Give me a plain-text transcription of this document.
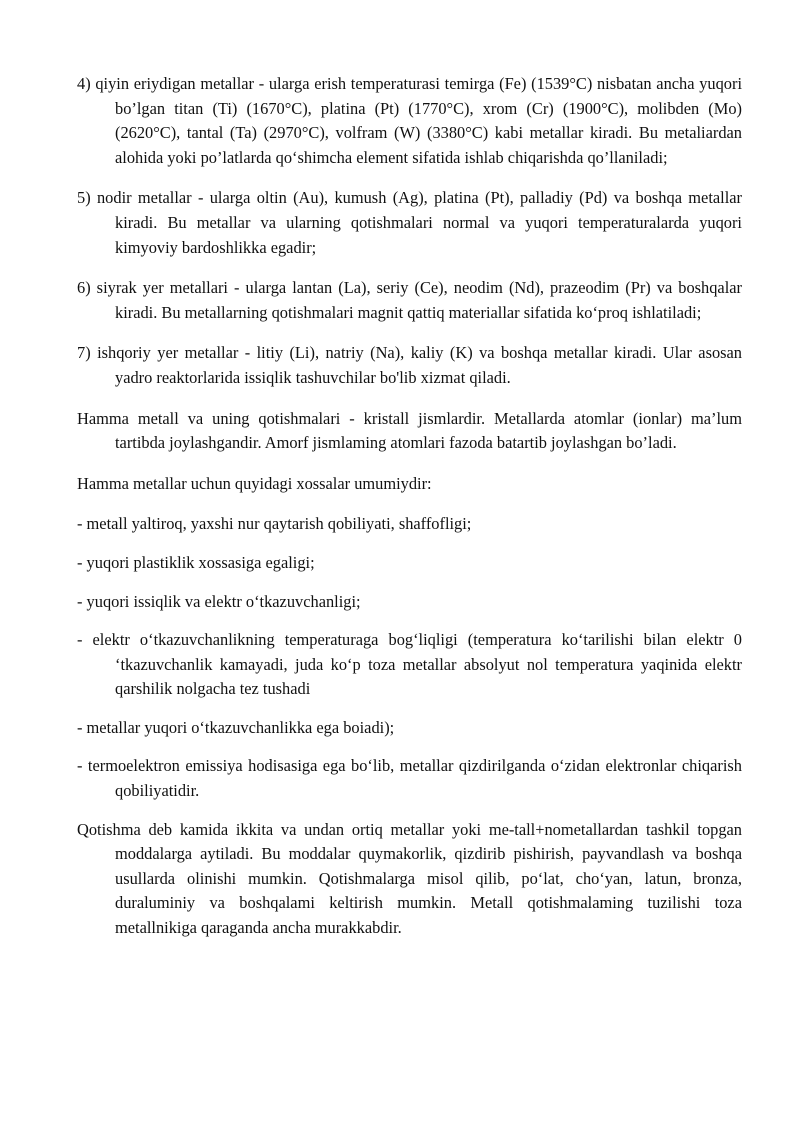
4) qiyin eriydigan metallar - ularga erish temperaturasi temirga (Fe) (1539°C) nisbatan ancha yuqori bo’lgan titan (Ti) (1670°C), platina (Pt) (1770°C), xrom (Cr) (1900°C), molibden (Mo) (2620°C), tantal (Ta) (2970°C), volfram (W) (3380°C) kabi metallar kiradi. Bu metaliardan alohida yoki po’latlarda qo‘shimcha element sifatida ishlab chiqarishda qo’llaniladi;

5) nodir metallar - ularga oltin (Au), kumush (Ag), platina (Pt), palladiy (Pd) va boshqa metallar kiradi. Bu metallar va ularning qotishmalari normal va yuqori temperaturalarda yuqori kimyoviy bardoshlikka egadir;

6) siyrak yer metallari - ularga lantan (La), seriy (Ce), neodim (Nd), prazeodim (Pr) va boshqalar kiradi. Bu metallarning qotishmalari magnit qattiq materiallar sifatida ko‘proq ishlatiladi;

7) ishqoriy yer metallar - litiy (Li), natriy (Na), kaliy (K) va boshqa metallar kiradi. Ular asosan yadro reaktorlarida issiqlik tashuvchilar bo'lib xizmat qiladi.

Hamma metall va uning qotishmalari - kristall jismlardir. Metallarda atomlar (ionlar) ma’lum tartibda joylashgandir. Amorf jismlaming atomlari fazoda batartib joylashgan bo’ladi.

Hamma metallar uchun quyidagi xossalar umumiydir:

- metall yaltiroq, yaxshi nur qaytarish qobiliyati, shaffofligi;

- yuqori plastiklik xossasiga egaligi;

- yuqori issiqlik va elektr o‘tkazuvchanligi;

- elektr o‘tkazuvchanlikning temperaturaga bog‘liqligi (temperatura ko‘tarilishi bilan elektr 0 ‘tkazuvchanlik kamayadi, juda ko‘p toza metallar absolyut nol temperatura yaqinida elektr qarshilik nolgacha tez tushadi

- metallar yuqori o‘tkazuvchanlikka ega boiadi);

- termoelektron emissiya hodisasiga ega bo‘lib, metallar qizdirilganda o‘zidan elektronlar chiqarish qobiliyatidir.

Qotishma deb kamida ikkita va undan ortiq metallar yoki me-tall+nometallardan tashkil topgan moddalarga aytiladi. Bu moddalar quymakorlik, qizdirib pishirish, payvandlash va boshqa usullarda olinishi mumkin. Qotishmalarga misol qilib, po‘lat, cho‘yan, latun, bronza, duraluminiy va boshqalami keltirish mumkin. Metall qotishmalaming tuzilishi toza metallnikiga qaraganda ancha murakkabdir.
